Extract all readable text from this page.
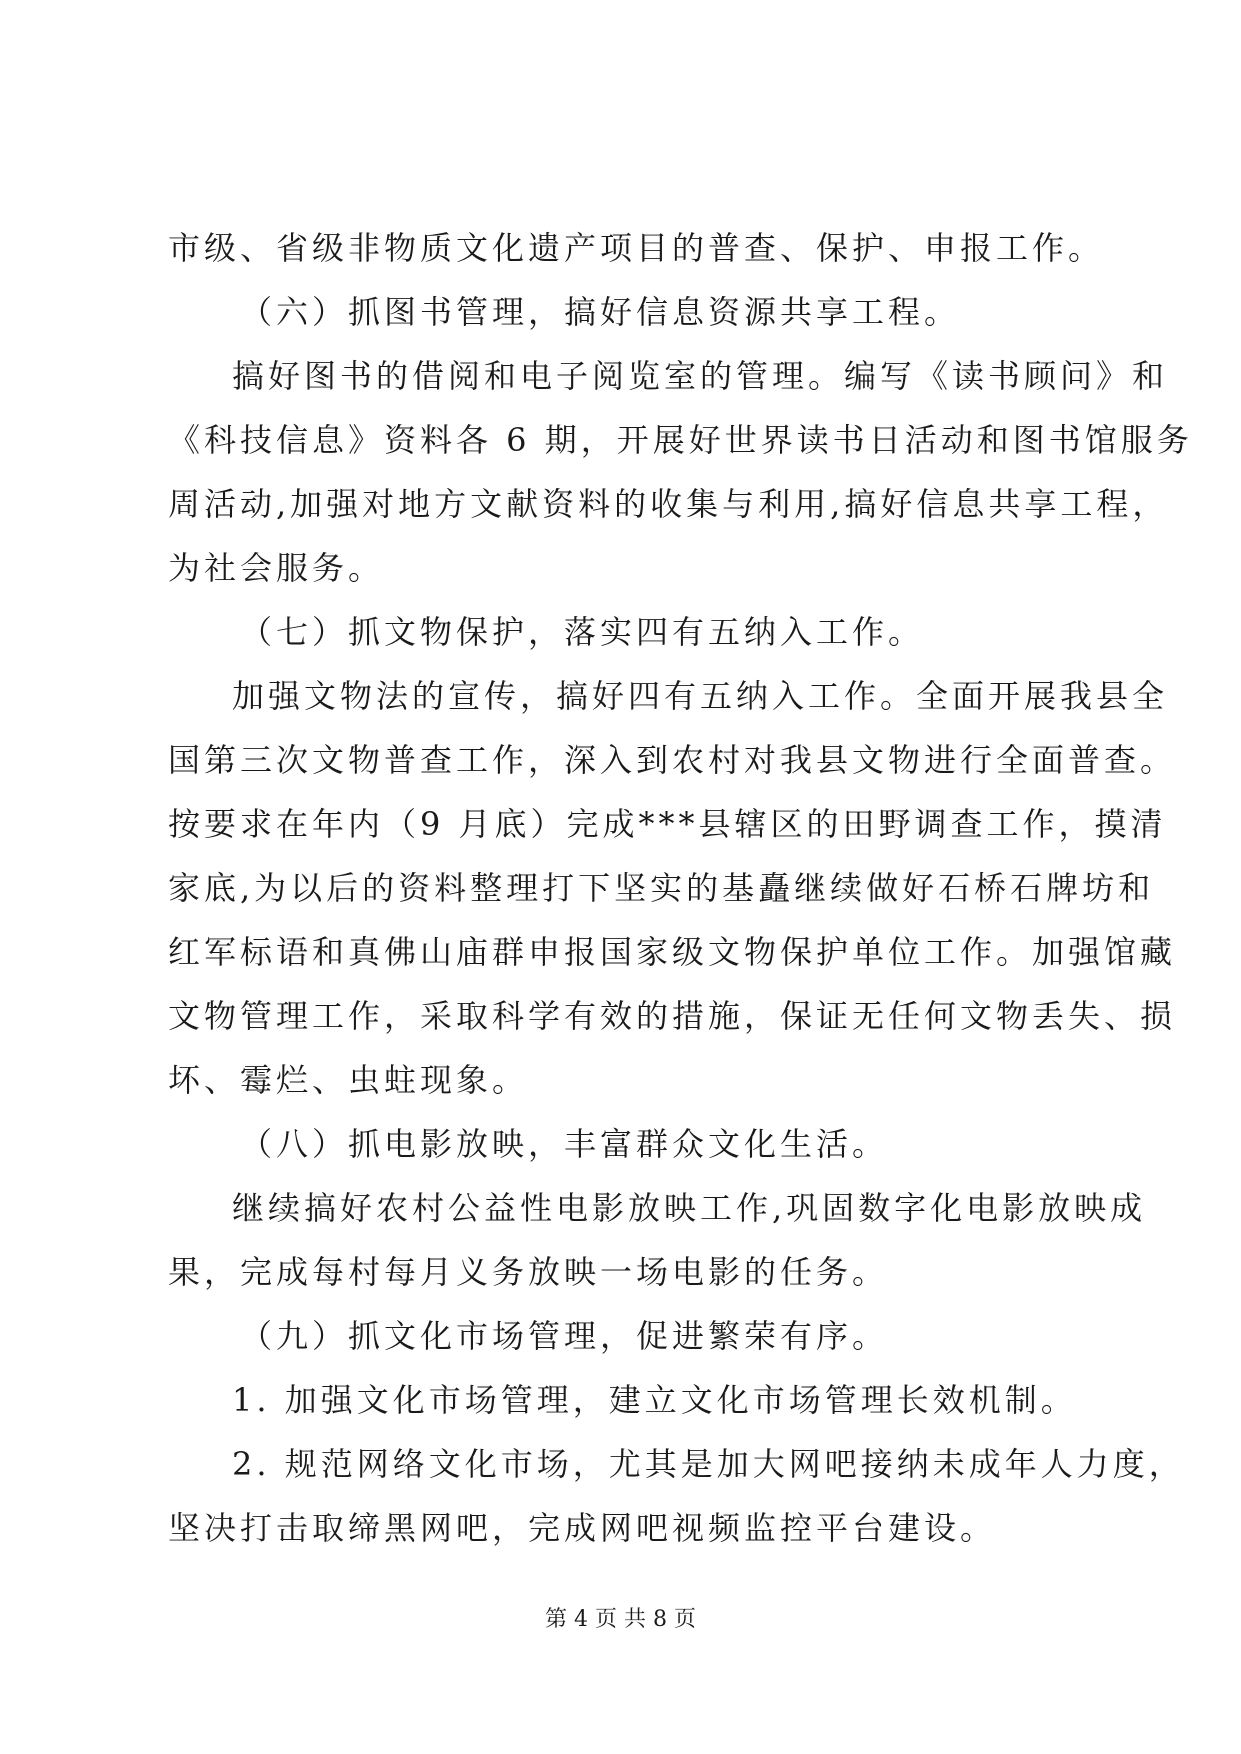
市级、省级非物质文化遗产项目的普查、保护、申报工作。
（六）抓图书管理，搞好信息资源共享工程。
搞好图书的借阅和电子阅览室的管理。编写《读书顾问》和
《科技信息》资料各 6 期，开展好世界读书日活动和图书馆服务
周活动,加强对地方文献资料的收集与利用,搞好信息共享工程，
为社会服务。
（七）抓文物保护，落实四有五纳入工作。
加强文物法的宣传，搞好四有五纳入工作。全面开展我县全
国第三次文物普查工作，深入到农村对我县文物进行全面普查。
按要求在年内（9 月底）完成***县辖区的田野调查工作，摸清
家底,为以后的资料整理打下坚实的基矗继续做好石桥石牌坊和
红军标语和真佛山庙群申报国家级文物保护单位工作。加强馆藏
文物管理工作，采取科学有效的措施，保证无任何文物丢失、损
坏、霉烂、虫蛀现象。
（八）抓电影放映，丰富群众文化生活。
继续搞好农村公益性电影放映工作,巩固数字化电影放映成
果，完成每村每月义务放映一场电影的任务。
（九）抓文化市场管理，促进繁荣有序。
1. 加强文化市场管理，建立文化市场管理长效机制。
2. 规范网络文化市场，尤其是加大网吧接纳未成年人力度，
坚决打击取缔黑网吧，完成网吧视频监控平台建设。
第 4 页 共 8 页
